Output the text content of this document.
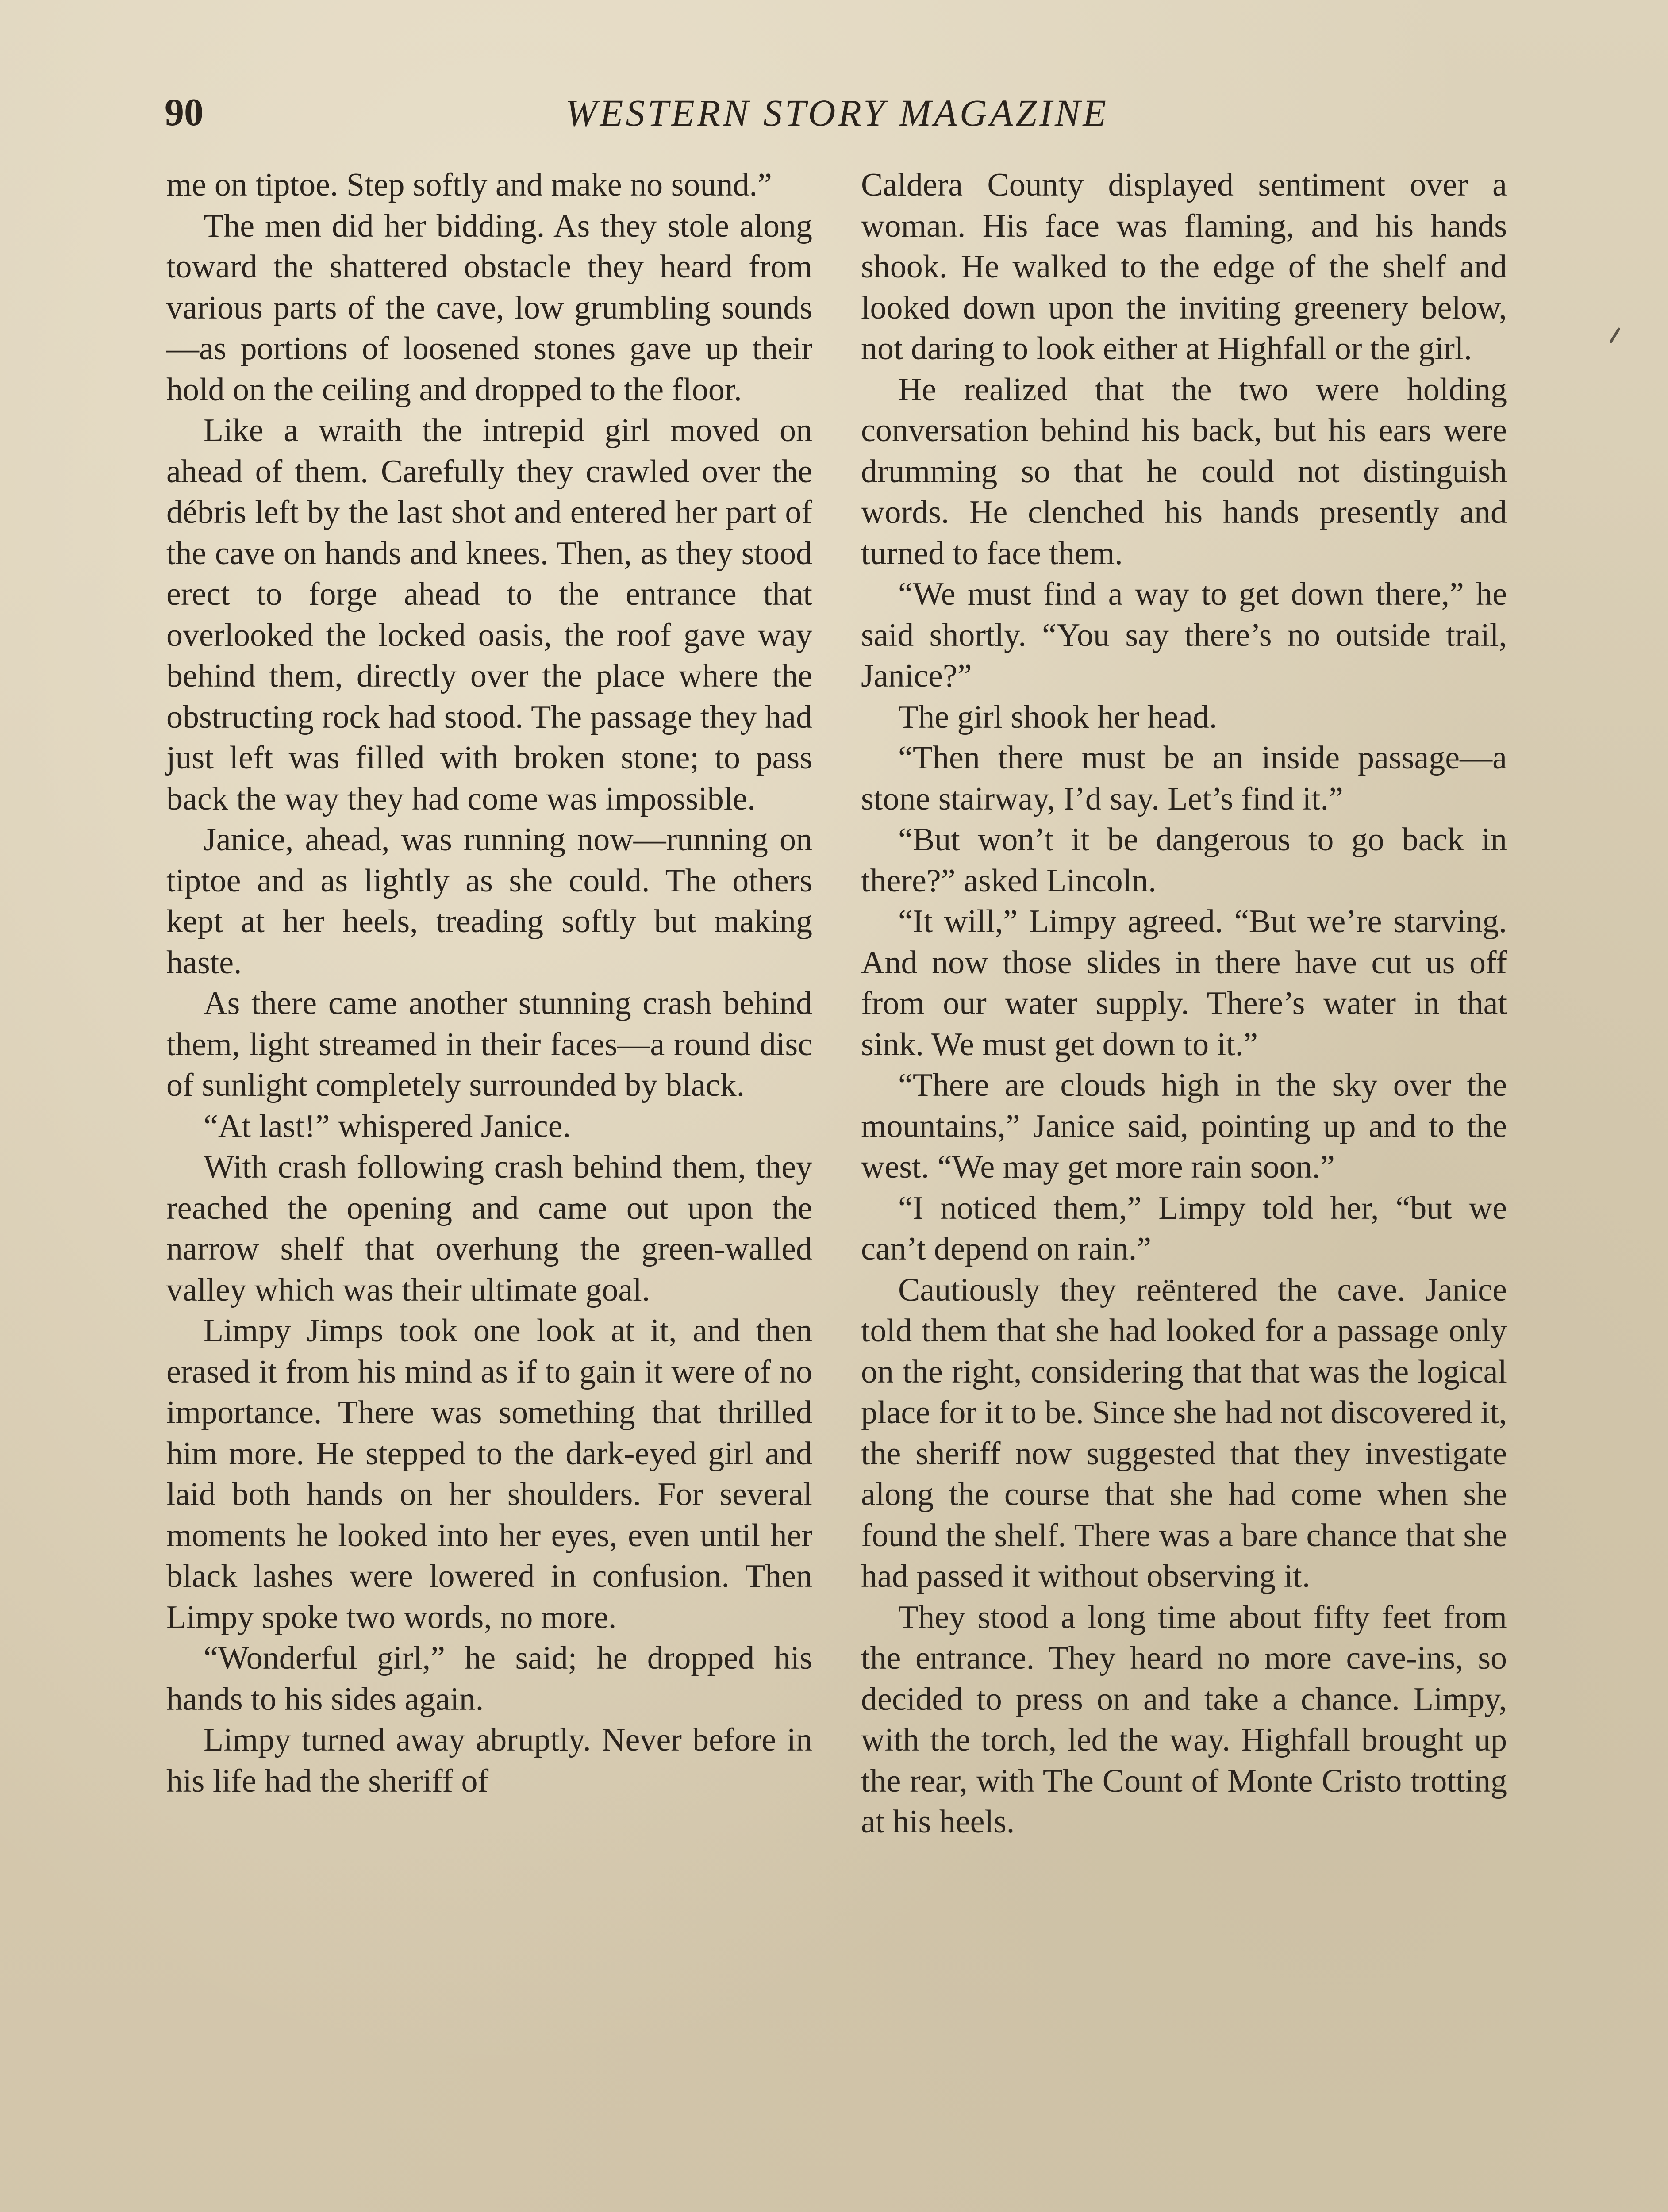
90	WESTERN STORY MAGAZINE

me on tiptoe. Step softly and make no sound.”

The men did her bidding. As they stole along toward the shattered obstacle they heard from various parts of the cave, low grumbling sounds—as portions of loosened stones gave up their hold on the ceiling and dropped to the floor.

Like a wraith the intrepid girl moved on ahead of them. Carefully they crawled over the débris left by the last shot and entered her part of the cave on hands and knees. Then, as they stood erect to forge ahead to the entrance that overlooked the locked oasis, the roof gave way behind them, directly over the place where the obstructing rock had stood. The passage they had just left was filled with broken stone; to pass back the way they had come was impossible.

Janice, ahead, was running now—running on tiptoe and as lightly as she could. The others kept at her heels, treading softly but making haste.

As there came another stunning crash behind them, light streamed in their faces—a round disc of sunlight completely surrounded by black.

“At last!” whispered Janice.

With crash following crash behind them, they reached the opening and came out upon the narrow shelf that overhung the green-walled valley which was their ultimate goal.

Limpy Jimps took one look at it, and then erased it from his mind as if to gain it were of no importance. There was something that thrilled him more. He stepped to the dark-eyed girl and laid both hands on her shoulders. For several moments he looked into her eyes, even until her black lashes were lowered in confusion. Then Limpy spoke two words, no more.

“Wonderful girl,” he said; he dropped his hands to his sides again.

Limpy turned away abruptly. Never before in his life had the sheriff of

Caldera County displayed sentiment over a woman. His face was flaming, and his hands shook. He walked to the edge of the shelf and looked down upon the inviting greenery below, not daring to look either at Highfall or the girl.

He realized that the two were holding conversation behind his back, but his ears were drumming so that he could not distinguish words. He clenched his hands presently and turned to face them.

“We must find a way to get down there,” he said shortly. “You say there’s no outside trail, Janice?”

The girl shook her head.

“Then there must be an inside passage—a stone stairway, I’d say. Let’s find it.”

“But won’t it be dangerous to go back in there?” asked Lincoln.

“It will,” Limpy agreed. “But we’re starving. And now those slides in there have cut us off from our water supply. There’s water in that sink. We must get down to it.”

“There are clouds high in the sky over the mountains,” Janice said, pointing up and to the west. “We may get more rain soon.”

“I noticed them,” Limpy told her, “but we can’t depend on rain.”

Cautiously they reëntered the cave. Janice told them that she had looked for a passage only on the right, considering that that was the logical place for it to be. Since she had not discovered it, the sheriff now suggested that they investigate along the course that she had come when she found the shelf. There was a bare chance that she had passed it without observing it.

They stood a long time about fifty feet from the entrance. They heard no more cave-ins, so decided to press on and take a chance. Limpy, with the torch, led the way. Highfall brought up the rear, with The Count of Monte Cristo trotting at his heels.
